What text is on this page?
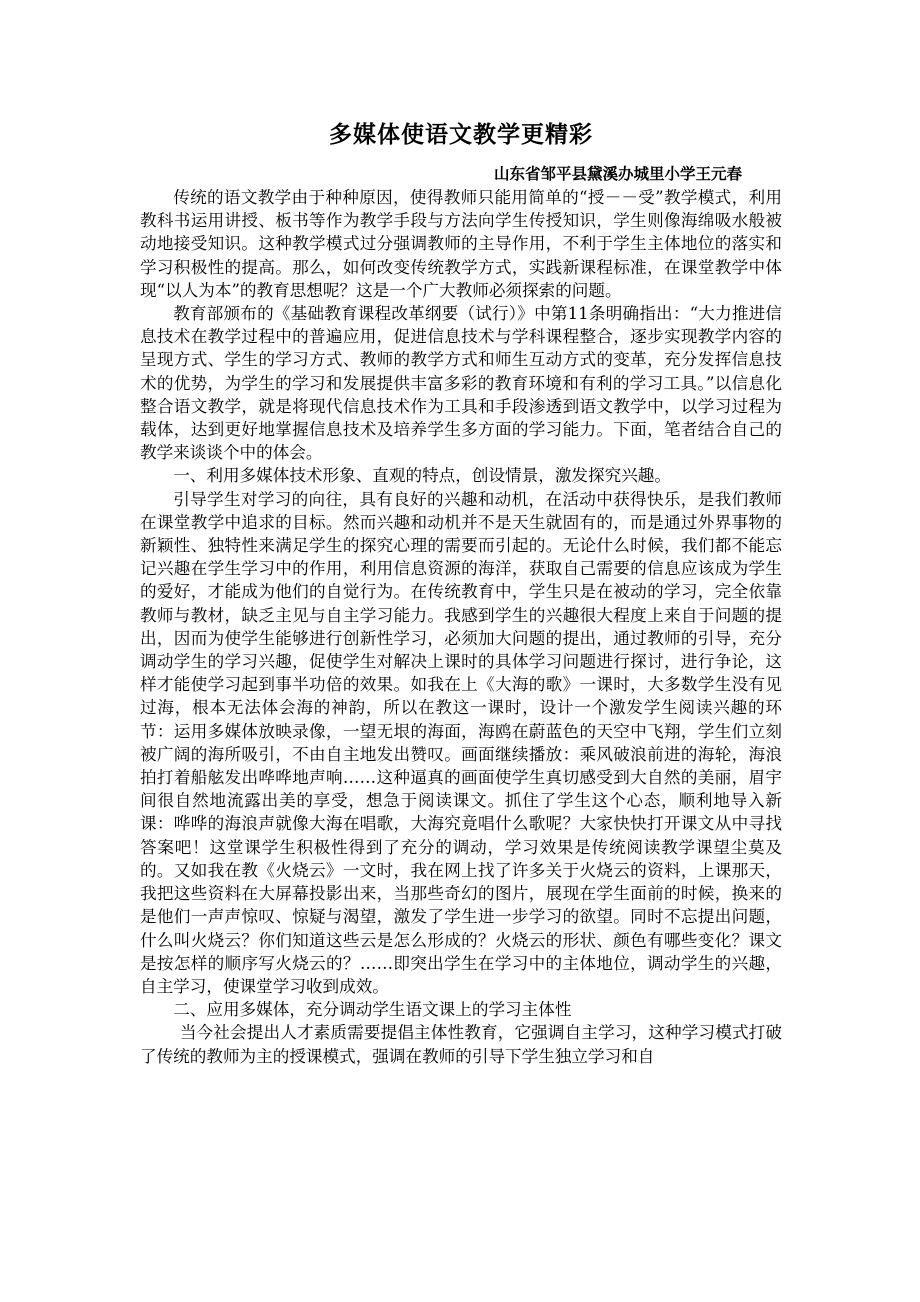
多媒体使语文教学更精彩
山东省邹平县黛溪办城里小学王元春

传统的语文教学由于种种原因，使得教师只能用简单的“授－－受”教学模式，利用教科书运用讲授、板书等作为教学手段与方法向学生传授知识，学生则像海绵吸水般被动地接受知识。这种教学模式过分强调教师的主导作用，不利于学生主体地位的落实和学习积极性的提高。那么，如何改变传统教学方式，实践新课程标准，在课堂教学中体现“以人为本”的教育思想呢？这是一个广大教师必须探索的问题。

教育部颁布的《基础教育课程改革纲要（试行）》中第11条明确指出：“大力推进信息技术在教学过程中的普遍应用，促进信息技术与学科课程整合，逐步实现教学内容的呈现方式、学生的学习方式、教师的教学方式和师生互动方式的变革，充分发挥信息技术的优势，为学生的学习和发展提供丰富多彩的教育环境和有利的学习工具。”以信息化整合语文教学，就是将现代信息技术作为工具和手段渗透到语文教学中，以学习过程为载体，达到更好地掌握信息技术及培养学生多方面的学习能力。下面，笔者结合自己的教学来谈谈个中的体会。

一、利用多媒体技术形象、直观的特点，创设情景，激发探究兴趣。

引导学生对学习的向往，具有良好的兴趣和动机，在活动中获得快乐，是我们教师在课堂教学中追求的目标。然而兴趣和动机并不是天生就固有的，而是通过外界事物的新颖性、独特性来满足学生的探究心理的需要而引起的。无论什么时候，我们都不能忘记兴趣在学生学习中的作用，利用信息资源的海洋，获取自己需要的信息应该成为学生的爱好，才能成为他们的自觉行为。在传统教育中，学生只是在被动的学习，完全依靠教师与教材，缺乏主见与自主学习能力。我感到学生的兴趣很大程度上来自于问题的提出，因而为使学生能够进行创新性学习，必须加大问题的提出，通过教师的引导，充分调动学生的学习兴趣，促使学生对解决上课时的具体学习问题进行探讨，进行争论，这样才能使学习起到事半功倍的效果。如我在上《大海的歌》一课时，大多数学生没有见过海，根本无法体会海的神韵，所以在教这一课时，设计一个激发学生阅读兴趣的环节：运用多媒体放映录像，一望无垠的海面，海鸥在蔚蓝色的天空中飞翔，学生们立刻被广阔的海所吸引，不由自主地发出赞叹。画面继续播放：乘风破浪前进的海轮，海浪拍打着船舷发出哗哗地声响……这种逼真的画面使学生真切感受到大自然的美丽，眉宇间很自然地流露出美的享受，想急于阅读课文。抓住了学生这个心态，顺利地导入新课：哗哗的海浪声就像大海在唱歌，大海究竟唱什么歌呢？大家快快打开课文从中寻找答案吧！这堂课学生积极性得到了充分的调动，学习效果是传统阅读教学课望尘莫及的。又如我在教《火烧云》一文时，我在网上找了许多关于火烧云的资料，上课那天，我把这些资料在大屏幕投影出来，当那些奇幻的图片，展现在学生面前的时候，换来的是他们一声声惊叹、惊疑与渴望，激发了学生进一步学习的欲望。同时不忘提出问题，什么叫火烧云？你们知道这些云是怎么形成的？火烧云的形状、颜色有哪些变化？课文是按怎样的顺序写火烧云的？……即突出学生在学习中的主体地位，调动学生的兴趣，自主学习，使课堂学习收到成效。

二、应用多媒体，充分调动学生语文课上的学习主体性

当今社会提出人才素质需要提倡主体性教育，它强调自主学习，这种学习模式打破了传统的教师为主的授课模式，强调在教师的引导下学生独立学习和自
